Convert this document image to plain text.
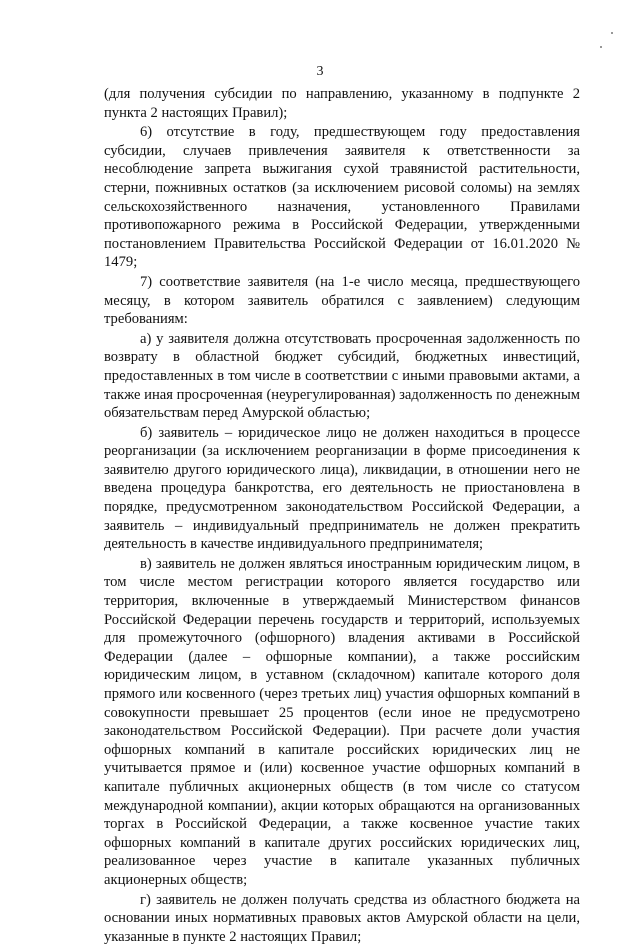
3

(для получения субсидии по направлению, указанному в подпункте 2 пункта 2 настоящих Правил);

6) отсутствие в году, предшествующем году предоставления субсидии, случаев привлечения заявителя к ответственности за несоблюдение запрета выжигания сухой травянистой растительности, стерни, пожнивных остатков (за исключением рисовой соломы) на землях сельскохозяйственного назначения, установленного Правилами противопожарного режима в Российской Федерации, утвержденными постановлением Правительства Российской Федерации от 16.01.2020 № 1479;

7) соответствие заявителя (на 1-е число месяца, предшествующего месяцу, в котором заявитель обратился с заявлением) следующим требованиям:

а) у заявителя должна отсутствовать просроченная задолженность по возврату в областной бюджет субсидий, бюджетных инвестиций, предоставленных в том числе в соответствии с иными правовыми актами, а также иная просроченная (неурегулированная) задолженность по денежным обязательствам перед Амурской областью;

б) заявитель – юридическое лицо не должен находиться в процессе реорганизации (за исключением реорганизации в форме присоединения к заявителю другого юридического лица), ликвидации, в отношении него не введена процедура банкротства, его деятельность не приостановлена в порядке, предусмотренном законодательством Российской Федерации, а заявитель – индивидуальный предприниматель не должен прекратить деятельность в качестве индивидуального предпринимателя;

в) заявитель не должен являться иностранным юридическим лицом, в том числе местом регистрации которого является государство или территория, включенные в утверждаемый Министерством финансов Российской Федерации перечень государств и территорий, используемых для промежуточного (офшорного) владения активами в Российской Федерации (далее – офшорные компании), а также российским юридическим лицом, в уставном (складочном) капитале которого доля прямого или косвенного (через третьих лиц) участия офшорных компаний в совокупности превышает 25 процентов (если иное не предусмотрено законодательством Российской Федерации). При расчете доли участия офшорных компаний в капитале российских юридических лиц не учитывается прямое и (или) косвенное участие офшорных компаний в капитале публичных акционерных обществ (в том числе со статусом международной компании), акции которых обращаются на организованных торгах в Российской Федерации, а также косвенное участие таких офшорных компаний в капитале других российских юридических лиц, реализованное через участие в капитале указанных публичных акционерных обществ;

г) заявитель не должен получать средства из областного бюджета на основании иных нормативных правовых актов Амурской области на цели, указанные в пункте 2 настоящих Правил;
